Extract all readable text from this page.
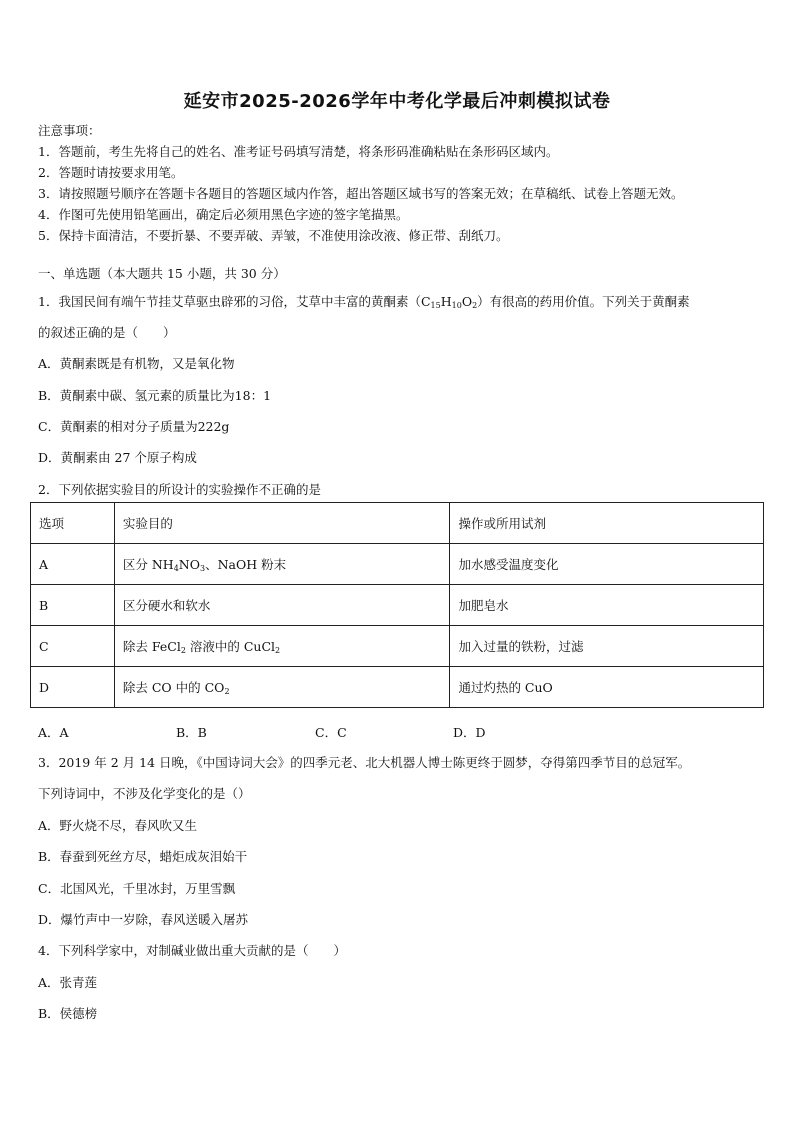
延安市2025-2026学年中考化学最后冲刺模拟试卷
注意事项：
1．答题前，考生先将自己的姓名、准考证号码填写清楚，将条形码准确粘贴在条形码区域内。
2．答题时请按要求用笔。
3．请按照题号顺序在答题卡各题目的答题区域内作答，超出答题区域书写的答案无效；在草稿纸、试卷上答题无效。
4．作图可先使用铅笔画出，确定后必须用黑色字迹的签字笔描黑。
5．保持卡面清洁，不要折暴、不要弄破、弄皱，不准使用涂改液、修正带、刮纸刀。
一、单选题（本大题共 15 小题，共 30 分）
1．我国民间有端午节挂艾草驱虫辟邪的习俗，艾草中丰富的黄酮素$(C_{15}H_{10}O_2)$有很高的药用价值。下列关于黄酮素
的叙述正确的是（　　）
A．黄酮素既是有机物，又是氧化物
B．黄酮素中碳、氢元素的质量比为18：1
C．黄酮素的相对分子质量为222g
D．黄酮素由 27 个原子构成
2．下列依据实验目的所设计的实验操作不正确的是
选项	实验目的	操作或所用试剂
A	区分 $NH_4NO_3$、NaOH 粉末	加水感受温度变化
B	区分硬水和软水	加肥皂水
C	除去 FeCl$_2$ 溶液中的 CuCl$_2$	加入过量的铁粉，过滤
D	除去 CO 中的 $CO_2$	通过灼热的 CuO
A．A	B．B	C．C	D．D
3．2019 年 2 月 14 日晚，《中国诗词大会》的四季元老、北大机器人博士陈更终于圆梦，夺得第四季节目的总冠军。
下列诗词中，不涉及化学变化的是（）
A．野火烧不尽，春风吹又生
B．春蚕到死丝方尽，蜡炬成灰泪始干
C．北国风光，千里冰封，万里雪飘
D．爆竹声中一岁除，春风送暖入屠苏
4．下列科学家中，对制碱业做出重大贡献的是（　　）
A．张青莲
B．侯德榜
